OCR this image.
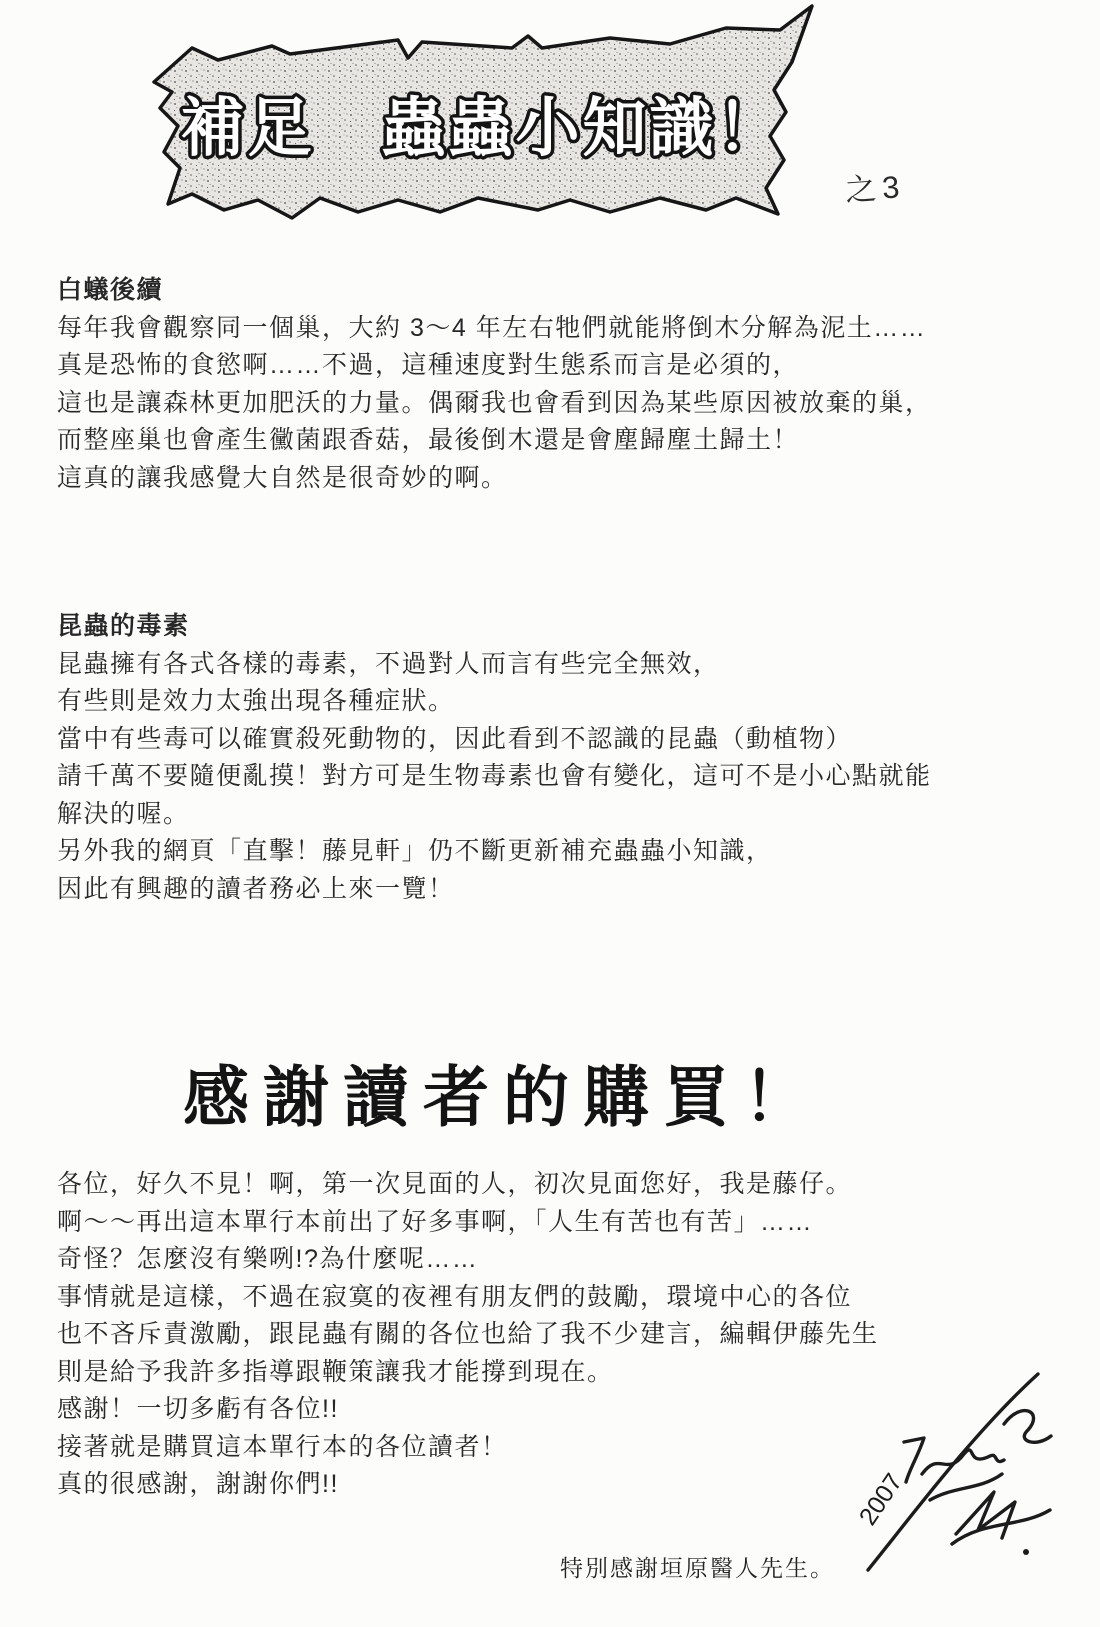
補足　蟲蟲小知識！
之3
白蟻後續
每年我會觀察同一個巢，大約 3～4 年左右牠們就能將倒木分解為泥土……
真是恐怖的食慾啊……不過，這種速度對生態系而言是必須的，
這也是讓森林更加肥沃的力量。偶爾我也會看到因為某些原因被放棄的巢，
而整座巢也會產生黴菌跟香菇，最後倒木還是會塵歸塵土歸土！
這真的讓我感覺大自然是很奇妙的啊。
昆蟲的毒素
昆蟲擁有各式各樣的毒素，不過對人而言有些完全無效，
有些則是效力太強出現各種症狀。
當中有些毒可以確實殺死動物的，因此看到不認識的昆蟲（動植物）
請千萬不要隨便亂摸！對方可是生物毒素也會有變化，這可不是小心點就能
解決的喔。
另外我的網頁「直擊！藤見軒」仍不斷更新補充蟲蟲小知識，
因此有興趣的讀者務必上來一覽！
感謝讀者的購買！
各位，好久不見！啊，第一次見面的人，初次見面您好，我是藤仔。
啊～～再出這本單行本前出了好多事啊，「人生有苦也有苦」……
奇怪？怎麼沒有樂咧!?為什麼呢……
事情就是這樣，不過在寂寞的夜裡有朋友們的鼓勵，環境中心的各位
也不吝斥責激勵，跟昆蟲有關的各位也給了我不少建言，編輯伊藤先生
則是給予我許多指導跟鞭策讓我才能撐到現在。
感謝！一切多虧有各位!!
接著就是購買這本單行本的各位讀者！
真的很感謝，謝謝你們!!
特別感謝垣原醫人先生。
2007
